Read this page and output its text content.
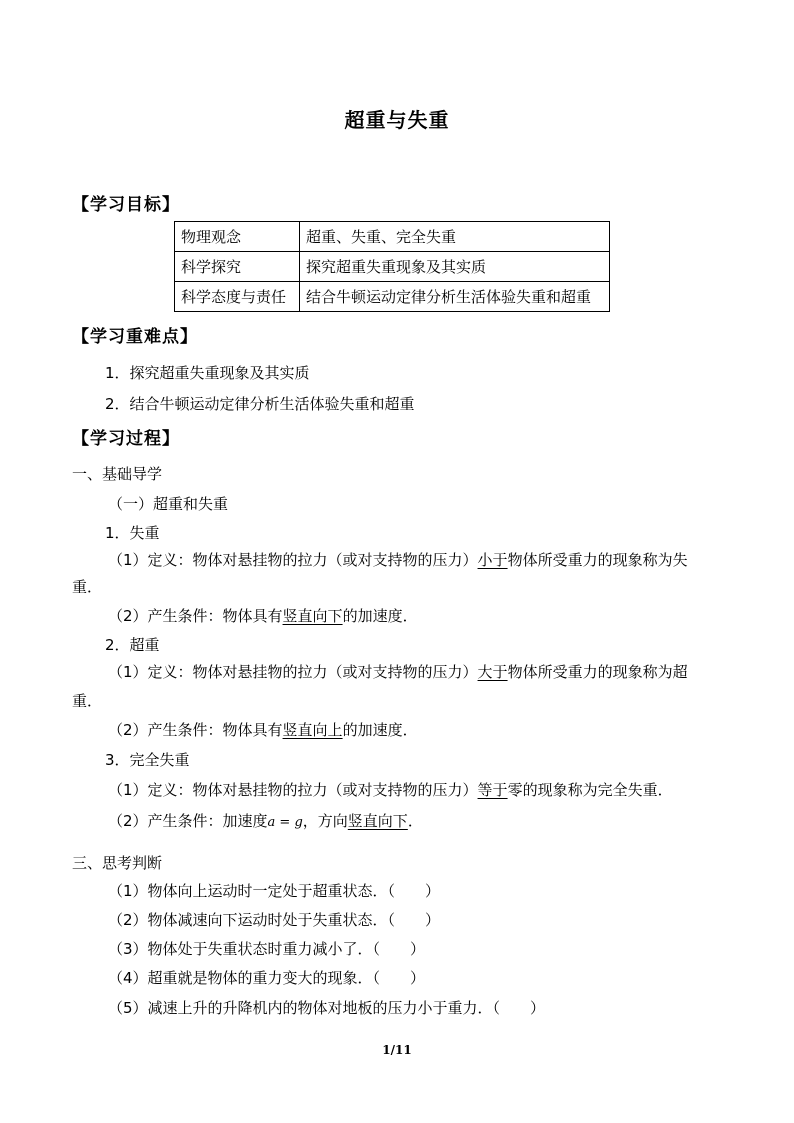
超重与失重
【学习目标】
物理观念	超重、失重、完全失重
科学探究	探究超重失重现象及其实质
科学态度与责任	结合牛顿运动定律分析生活体验失重和超重
【学习重难点】
1．探究超重失重现象及其实质
2．结合牛顿运动定律分析生活体验失重和超重
【学习过程】
一、基础导学
（一）超重和失重
1．失重
（1）定义：物体对悬挂物的拉力（或对支持物的压力）小于物体所受重力的现象称为失
重．
（2）产生条件：物体具有竖直向下的加速度．
2．超重
（1）定义：物体对悬挂物的拉力（或对支持物的压力）大于物体所受重力的现象称为超
重．
（2）产生条件：物体具有竖直向上的加速度．
3．完全失重
（1）定义：物体对悬挂物的拉力（或对支持物的压力）等于零的现象称为完全失重．
（2）产生条件：加速度a = g，方向竖直向下．
三、思考判断
（1）物体向上运动时一定处于超重状态．（　　）
（2）物体减速向下运动时处于失重状态．（　　）
（3）物体处于失重状态时重力减小了．（　　）
（4）超重就是物体的重力变大的现象．（　　）
（5）减速上升的升降机内的物体对地板的压力小于重力．（　　）
1/11
